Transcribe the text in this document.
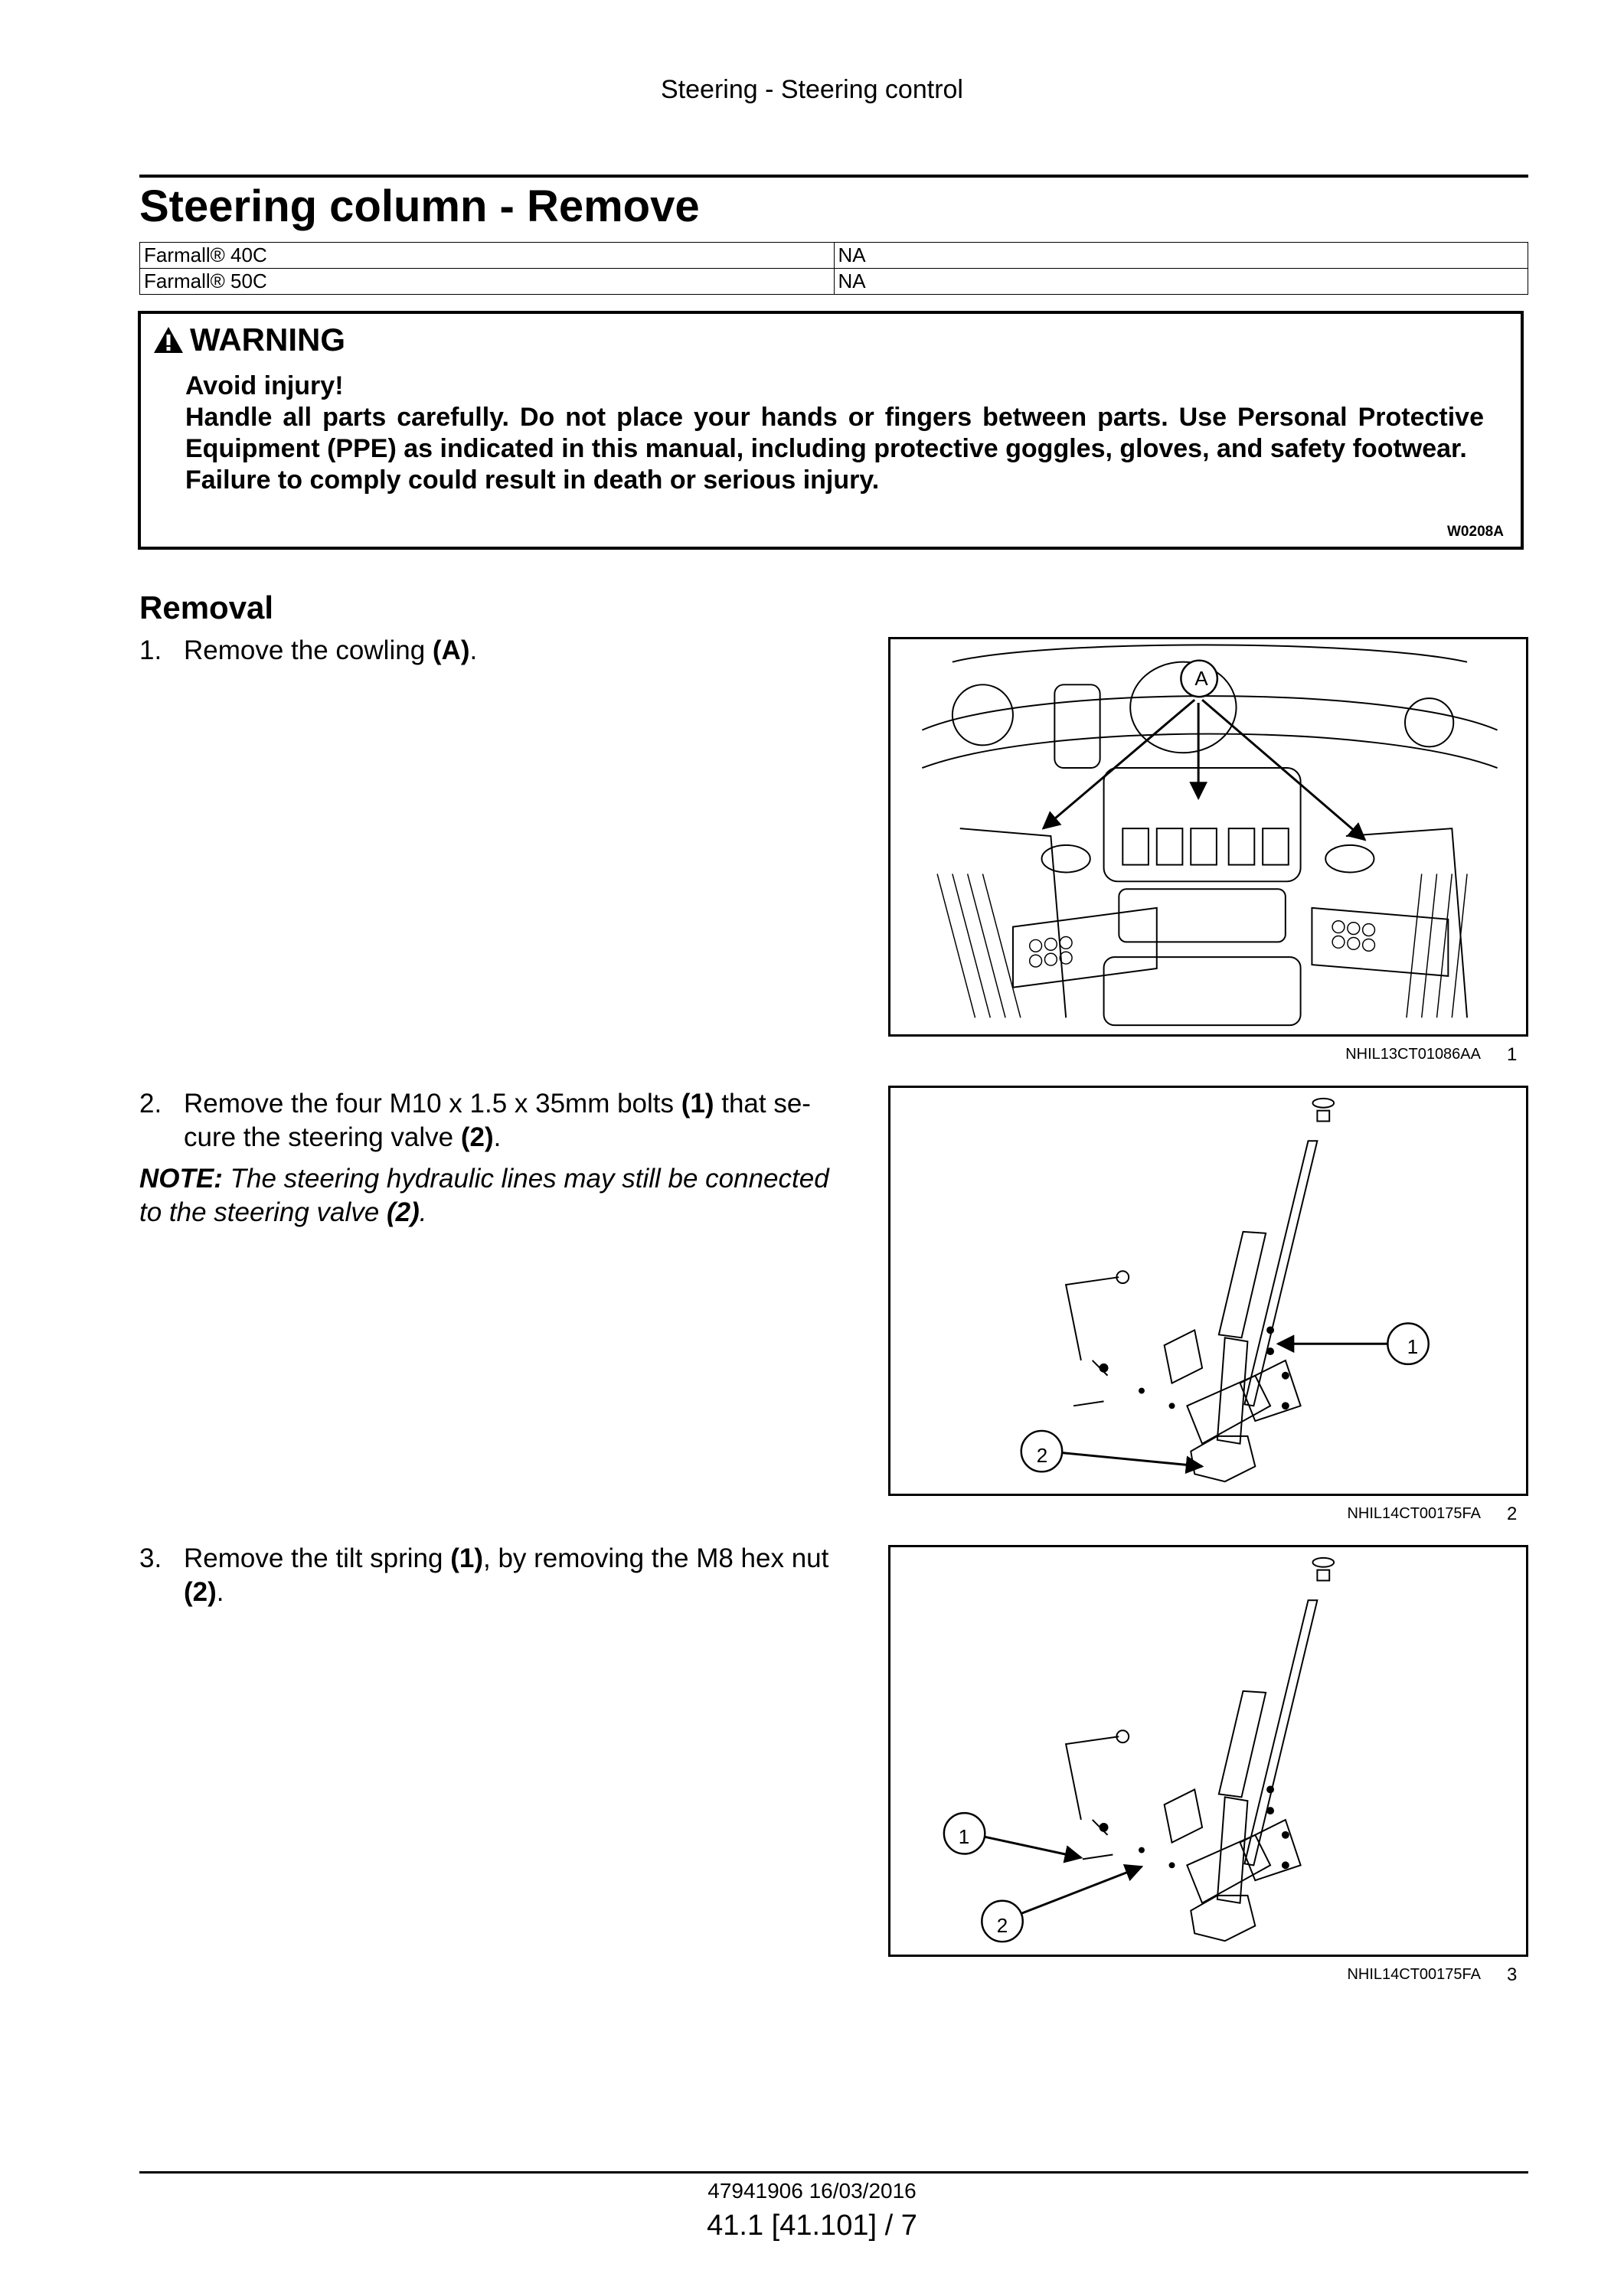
Steering - Steering control
Steering column - Remove
Farmall® 40C	NA
Farmall® 50C	NA
WARNING

Avoid injury!

Handle all parts carefully. Do not place your hands or fingers between parts. Use Personal Protective Equipment (PPE) as indicated in this manual, including protective goggles, gloves, and safety footwear.

Failure to comply could result in death or serious injury.

W0208A
Removal
1. Remove the cowling (A).
A
NHIL13CT01086AA 1
2. Remove the four M10 x 1.5 x 35mm bolts (1) that se-
cure the steering valve (2).
NOTE: The steering hydraulic lines may still be connected
to the steering valve (2).
1
2
NHIL14CT00175FA 2
3. Remove the tilt spring (1), by removing the M8 hex nut
(2).
1
2
NHIL14CT00175FA 3
47941906 16/03/2016
41.1 [41.101] / 7
